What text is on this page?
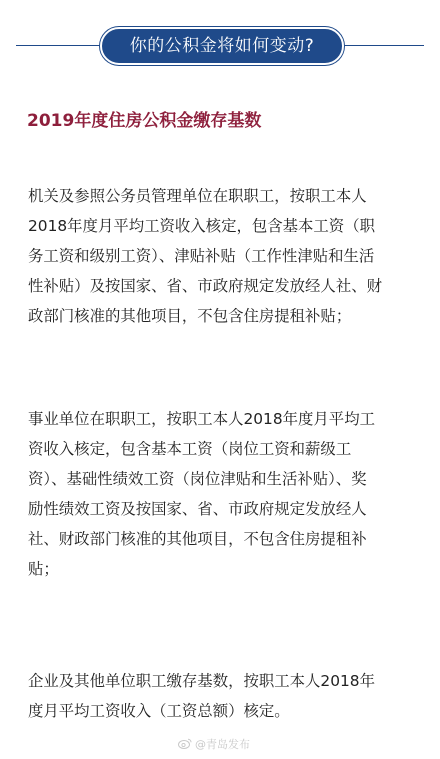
你的公积金将如何变动?
2019年度住房公积金缴存基数

机关及参照公务员管理单位在职职工，按职工本人
2018年度月平均工资收入核定，包含基本工资（职
务工资和级别工资）、津贴补贴（工作性津贴和生活
性补贴）及按国家、省、市政府规定发放经人社、财
政部门核准的其他项目，不包含住房提租补贴；

事业单位在职职工，按职工本人2018年度月平均工
资收入核定，包含基本工资（岗位工资和薪级工
资）、基础性绩效工资（岗位津贴和生活补贴）、奖
励性绩效工资及按国家、省、市政府规定发放经人
社、财政部门核准的其他项目，不包含住房提租补
贴；

企业及其他单位职工缴存基数，按职工本人2018年
度月平均工资收入（工资总额）核定。

@青岛发布
